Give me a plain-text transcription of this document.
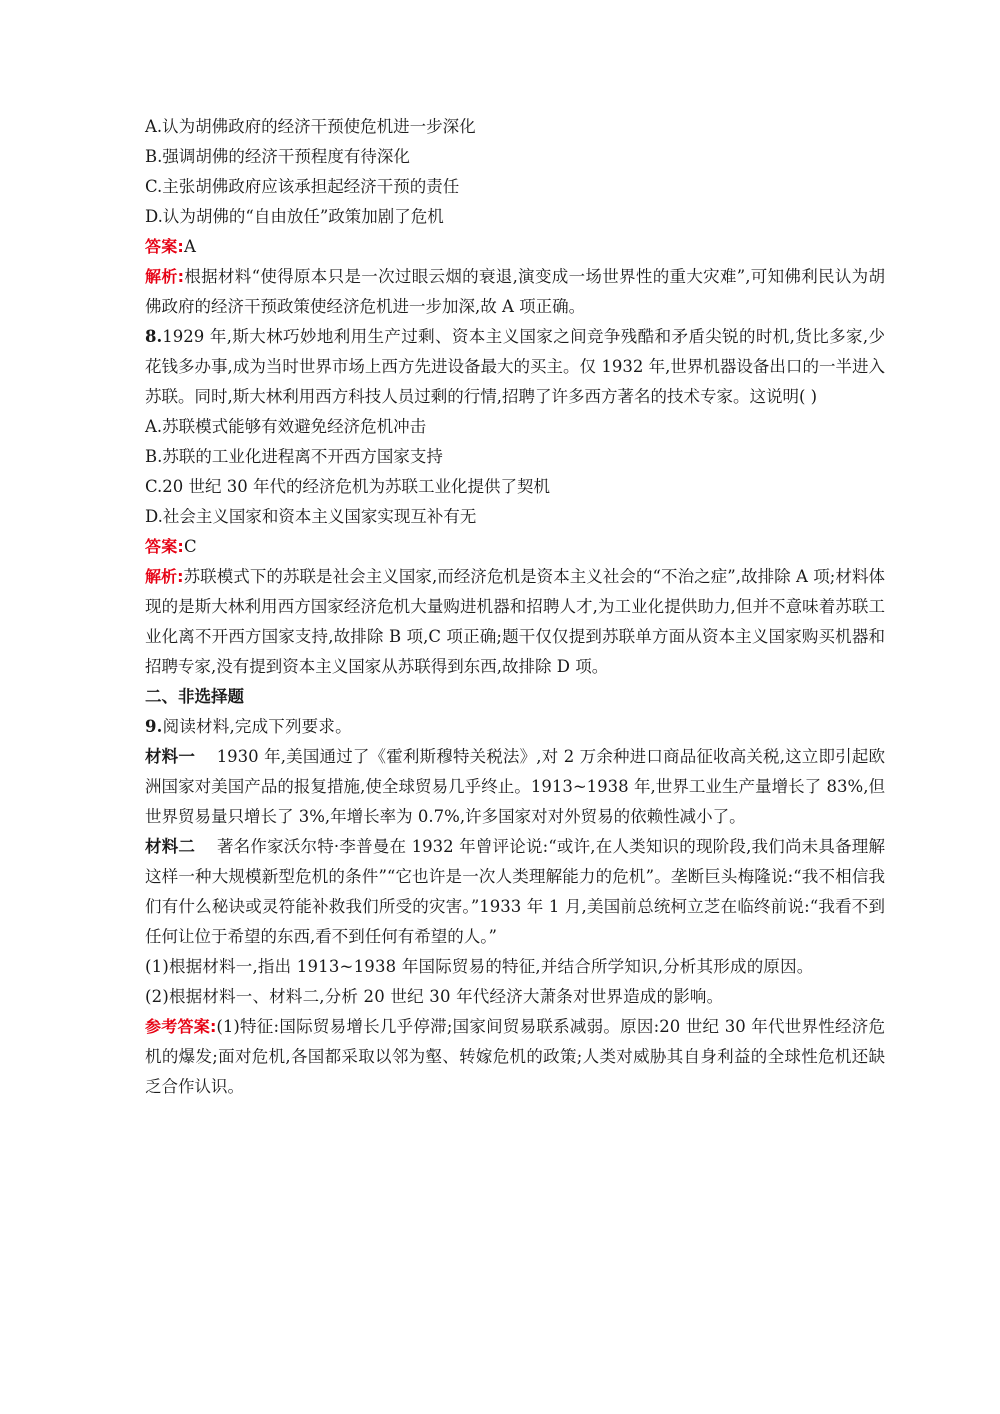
A.认为胡佛政府的经济干预使危机进一步深化
B.强调胡佛的经济干预程度有待深化
C.主张胡佛政府应该承担起经济干预的责任
D.认为胡佛的“自由放任”政策加剧了危机
答案:A
解析:根据材料“使得原本只是一次过眼云烟的衰退,演变成一场世界性的重大灾难”,可知佛利民认为胡佛政府的经济干预政策使经济危机进一步加深,故 A 项正确。
8.1929 年,斯大林巧妙地利用生产过剩、资本主义国家之间竞争残酷和矛盾尖锐的时机,货比多家,少花钱多办事,成为当时世界市场上西方先进设备最大的买主。仅 1932 年,世界机器设备出口的一半进入苏联。同时,斯大林利用西方科技人员过剩的行情,招聘了许多西方著名的技术专家。这说明( )
A.苏联模式能够有效避免经济危机冲击
B.苏联的工业化进程离不开西方国家支持
C.20 世纪 30 年代的经济危机为苏联工业化提供了契机
D.社会主义国家和资本主义国家实现互补有无
答案:C
解析:苏联模式下的苏联是社会主义国家,而经济危机是资本主义社会的“不治之症”,故排除 A 项;材料体现的是斯大林利用西方国家经济危机大量购进机器和招聘人才,为工业化提供助力,但并不意味着苏联工业化离不开西方国家支持,故排除 B 项,C 项正确;题干仅仅提到苏联单方面从资本主义国家购买机器和招聘专家,没有提到资本主义国家从苏联得到东西,故排除 D 项。
二、非选择题
9.阅读材料,完成下列要求。
材料一 1930 年,美国通过了《霍利斯穆特关税法》,对 2 万余种进口商品征收高关税,这立即引起欧洲国家对美国产品的报复措施,使全球贸易几乎终止。1913~1938 年,世界工业生产量增长了 83%,但世界贸易量只增长了 3%,年增长率为 0.7%,许多国家对对外贸易的依赖性减小了。
材料二 著名作家沃尔特·李普曼在 1932 年曾评论说:“或许,在人类知识的现阶段,我们尚未具备理解这样一种大规模新型危机的条件”“它也许是一次人类理解能力的危机”。垄断巨头梅隆说:“我不相信我们有什么秘诀或灵符能补救我们所受的灾害。”1933 年 1 月,美国前总统柯立芝在临终前说:“我看不到任何让位于希望的东西,看不到任何有希望的人。”
(1)根据材料一,指出 1913~1938 年国际贸易的特征,并结合所学知识,分析其形成的原因。
(2)根据材料一、材料二,分析 20 世纪 30 年代经济大萧条对世界造成的影响。
参考答案:(1)特征:国际贸易增长几乎停滞;国家间贸易联系减弱。原因:20 世纪 30 年代世界性经济危机的爆发;面对危机,各国都采取以邻为壑、转嫁危机的政策;人类对威胁其自身利益的全球性危机还缺乏合作认识。
